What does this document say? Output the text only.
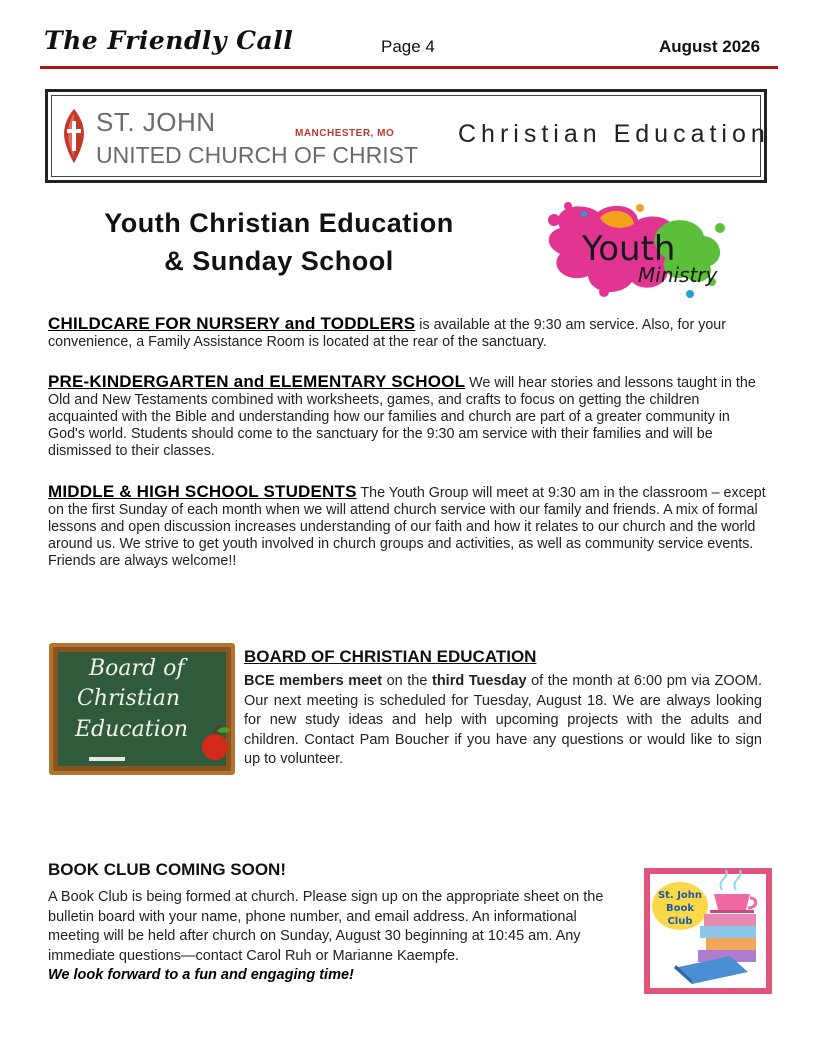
The Friendly Call	Page 4	August 2026
ST. JOHN
UNITED CHURCH OF CHRIST
MANCHESTER, MO	Christian Education
Youth Christian Education
& Sunday School	Youth
Ministry
CHILDCARE FOR NURSERY and TODDLERS is available at the 9:30 am service. Also, for your convenience, a Family Assistance Room is located at the rear of the sanctuary.
PRE-KINDERGARTEN and ELEMENTARY SCHOOL We will hear stories and lessons taught in the Old and New Testaments combined with worksheets, games, and crafts to focus on getting the children acquainted with the Bible and understanding how our families and church are part of a greater community in God's world. Students should come to the sanctuary for the 9:30 am service with their families and will be dismissed to their classes.
MIDDLE & HIGH SCHOOL STUDENTS The Youth Group will meet at 9:30 am in the classroom – except on the first Sunday of each month when we will attend church service with our family and friends. A mix of formal lessons and open discussion increases understanding of our faith and how it relates to our church and the world around us. We strive to get youth involved in church groups and activities, as well as community service events. Friends are always welcome!!
Board of
Christian
Education
BOARD OF CHRISTIAN EDUCATION
BCE members meet on the third Tuesday of the month at 6:00 pm via ZOOM. Our next meeting is scheduled for Tuesday, August 18. We are always looking for new study ideas and help with upcoming projects with the adults and children. Contact Pam Boucher if you have any questions or would like to sign up to volunteer.
BOOK CLUB COMING SOON!
A Book Club is being formed at church. Please sign up on the appropriate sheet on the bulletin board with your name, phone number, and email address. An informational meeting will be held after church on Sunday, August 30 beginning at 10:45 am. Any immediate questions—contact Carol Ruh or Marianne Kaempfe.
We look forward to a fun and engaging time!
St. John
Book
Club
